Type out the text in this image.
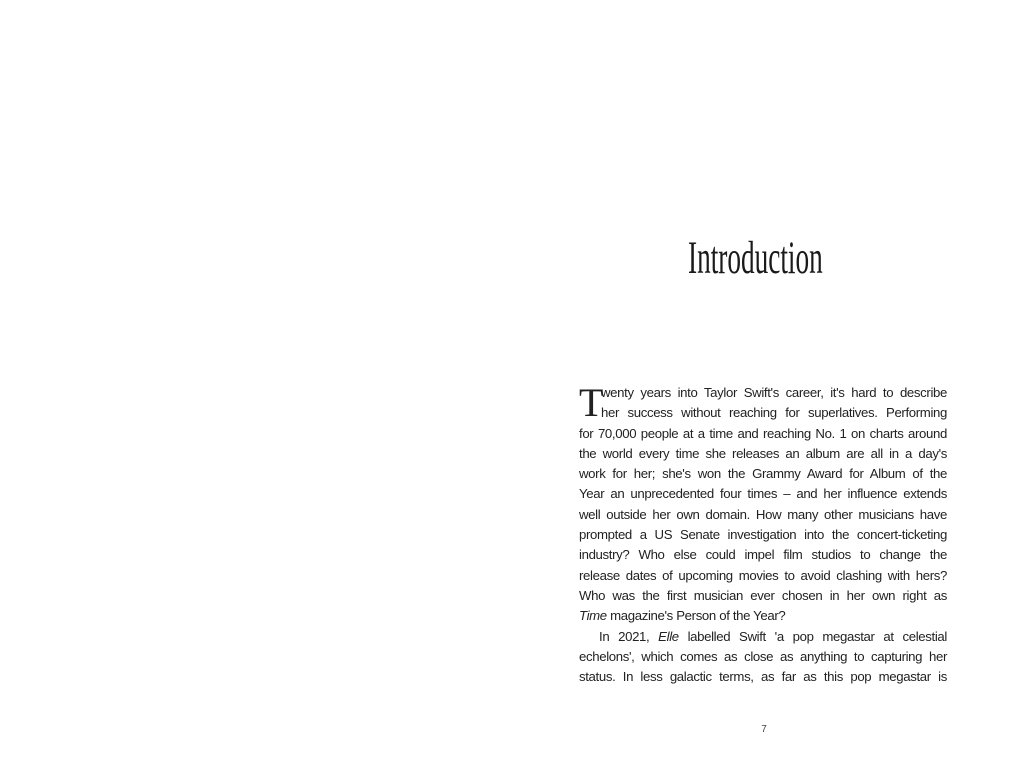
Introduction
T
wenty years into Taylor Swift's career, it's hard to describe
her success without reaching for superlatives. Performing
for 70,000 people at a time and reaching No. 1 on charts around
the world every time she releases an album are all in a day's
work for her; she's won the Grammy Award for Album of the
Year an unprecedented four times – and her influence extends
well outside her own domain. How many other musicians have
prompted a US Senate investigation into the concert-ticketing
industry? Who else could impel film studios to change the
release dates of upcoming movies to avoid clashing with hers?
Who was the first musician ever chosen in her own right as
Time magazine's Person of the Year?
In 2021, Elle labelled Swift 'a pop megastar at celestial
echelons', which comes as close as anything to capturing her
status. In less galactic terms, as far as this pop megastar is
7
